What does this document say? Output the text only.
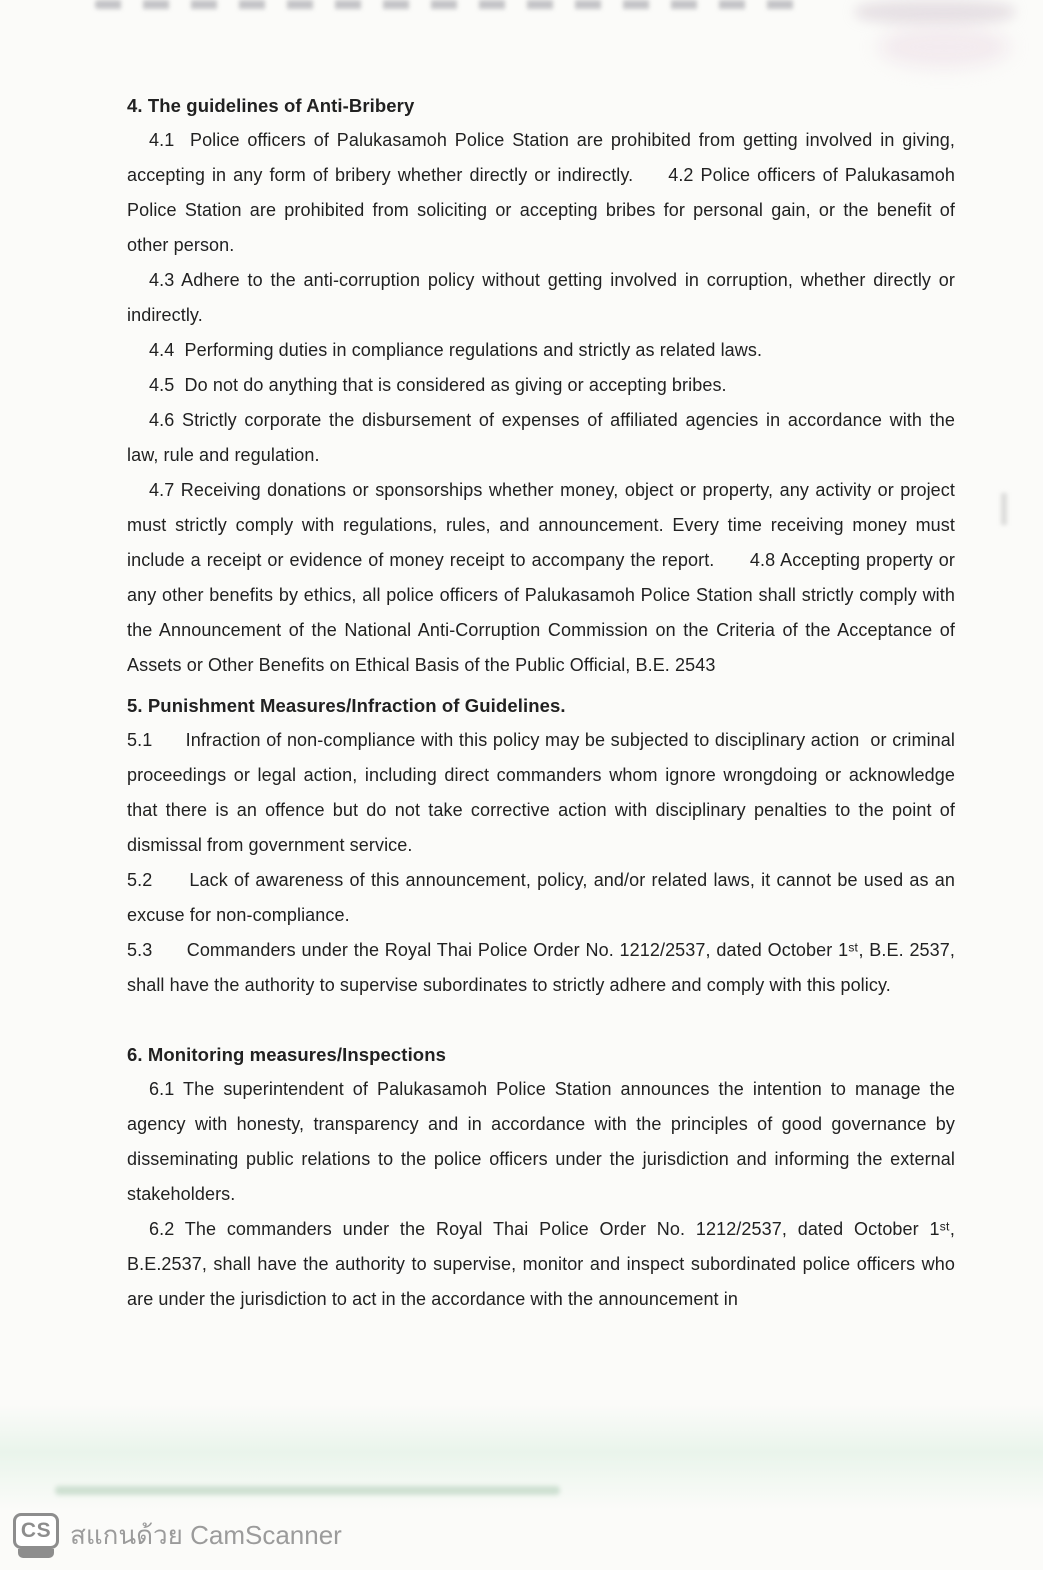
4. The guidelines of Anti-Bribery

4.1  Police officers of Palukasamoh Police Station are prohibited from getting involved in giving, accepting in any form of bribery whether directly or indirectly.     4.2 Police officers of Palukasamoh Police Station are prohibited from soliciting or accepting bribes for personal gain, or the benefit of other person.

4.3 Adhere to the anti-corruption policy without getting involved in corruption, whether directly or indirectly.

4.4  Performing duties in compliance regulations and strictly as related laws.

4.5  Do not do anything that is considered as giving or accepting bribes.

4.6 Strictly corporate the disbursement of expenses of affiliated agencies in accordance with the law, rule and regulation.

4.7 Receiving donations or sponsorships whether money, object or property, any activity or project must strictly comply with regulations, rules, and announcement. Every time receiving money must include a receipt or evidence of money receipt to accompany the report.      4.8 Accepting property or any other benefits by ethics, all police officers of Palukasamoh Police Station shall strictly comply with the Announcement of the National Anti-Corruption Commission on the Criteria of the Acceptance of Assets or Other Benefits on Ethical Basis of the Public Official, B.E. 2543

5. Punishment Measures/Infraction of Guidelines.

5.1      Infraction of non-compliance with this policy may be subjected to disciplinary action  or criminal proceedings or legal action, including direct commanders whom ignore wrongdoing or acknowledge that there is an offence but do not take corrective action with disciplinary penalties to the point of dismissal from government service.

5.2      Lack of awareness of this announcement, policy, and/or related laws, it cannot be used as an excuse for non-compliance.

5.3      Commanders under the Royal Thai Police Order No. 1212/2537, dated October 1ˢᵗ, B.E. 2537, shall have the authority to supervise subordinates to strictly adhere and comply with this policy.

6. Monitoring measures/Inspections

6.1 The superintendent of Palukasamoh Police Station announces the intention to manage the agency with honesty, transparency and in accordance with the principles of good governance by disseminating public relations to the police officers under the jurisdiction and informing the external stakeholders.

6.2 The commanders under the Royal Thai Police Order No. 1212/2537, dated October 1ˢᵗ, B.E.2537, shall have the authority to supervise, monitor and inspect subordinated police officers who are under the jurisdiction to act in the accordance with the announcement in

CS สแกนด้วย CamScanner
